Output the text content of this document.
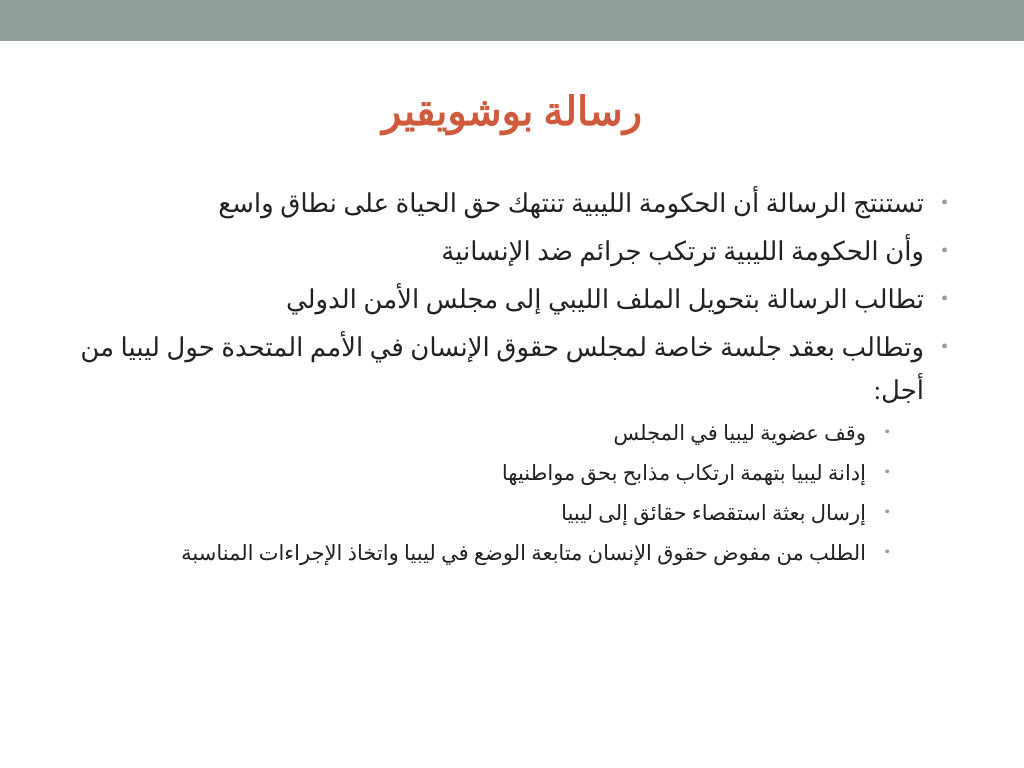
رسالة بوشويقير
• تستنتج الرسالة أن الحكومة الليبية تنتهك حق الحياة على نطاق واسع
• وأن الحكومة الليبية ترتكب جرائم ضد الإنسانية
• تطالب الرسالة بتحويل الملف الليبي إلى مجلس الأمن الدولي
• وتطالب بعقد جلسة خاصة لمجلس حقوق الإنسان في الأمم المتحدة حول ليبيا من أجل:
• وقف عضوية ليبيا في المجلس
• إدانة ليبيا بتهمة ارتكاب مذابح بحق مواطنيها
• إرسال بعثة استقصاء حقائق إلى ليبيا
• الطلب من مفوض حقوق الإنسان متابعة الوضع في ليبيا واتخاذ الإجراءات المناسبة
